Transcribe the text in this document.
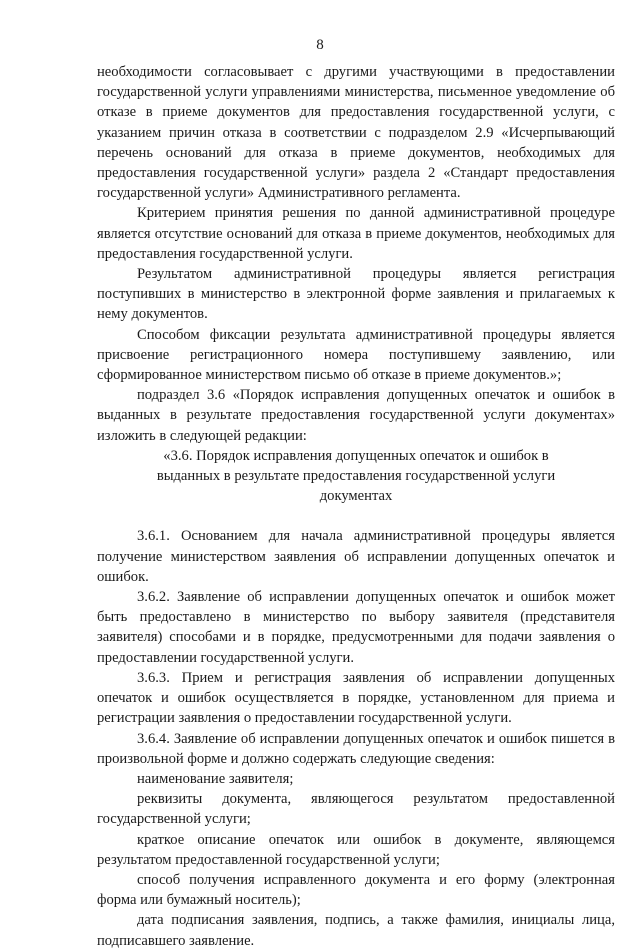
8

необходимости согласовывает с другими участвующими в предоставлении государственной услуги управлениями министерства, письменное уведомление об отказе в приеме документов для предоставления государственной услуги, с указанием причин отказа в соответствии с подразделом 2.9 «Исчерпывающий перечень оснований для отказа в приеме документов, необходимых для предоставления государственной услуги» раздела 2 «Стандарт предоставления государственной услуги» Административного регламента.

Критерием принятия решения по данной административной процедуре является отсутствие оснований для отказа в приеме документов, необходимых для предоставления государственной услуги.

Результатом административной процедуры является регистрация поступивших в министерство в электронной форме заявления и прилагаемых к нему документов.

Способом фиксации результата административной процедуры является присвоение регистрационного номера поступившему заявлению, или сформированное министерством письмо об отказе в приеме документов.»;

подраздел 3.6 «Порядок исправления допущенных опечаток и ошибок в выданных в результате предоставления государственной услуги документах» изложить в следующей редакции:

«3.6. Порядок исправления допущенных опечаток и ошибок в выданных в результате предоставления государственной услуги документах

3.6.1. Основанием для начала административной процедуры является получение министерством заявления об исправлении допущенных опечаток и ошибок.

3.6.2. Заявление об исправлении допущенных опечаток и ошибок может быть предоставлено в министерство по выбору заявителя (представителя заявителя) способами и в порядке, предусмотренными для подачи заявления о предоставлении государственной услуги.

3.6.3. Прием и регистрация заявления об исправлении допущенных опечаток и ошибок осуществляется в порядке, установленном для приема и регистрации заявления о предоставлении государственной услуги.

3.6.4. Заявление об исправлении допущенных опечаток и ошибок пишется в произвольной форме и должно содержать следующие сведения:

наименование заявителя;

реквизиты документа, являющегося результатом предоставленной государственной услуги;

краткое описание опечаток или ошибок в документе, являющемся результатом предоставленной государственной услуги;

способ получения исправленного документа и его форму (электронная форма или бумажный носитель);

дата подписания заявления, подпись, а также фамилия, инициалы лица, подписавшего заявление.
